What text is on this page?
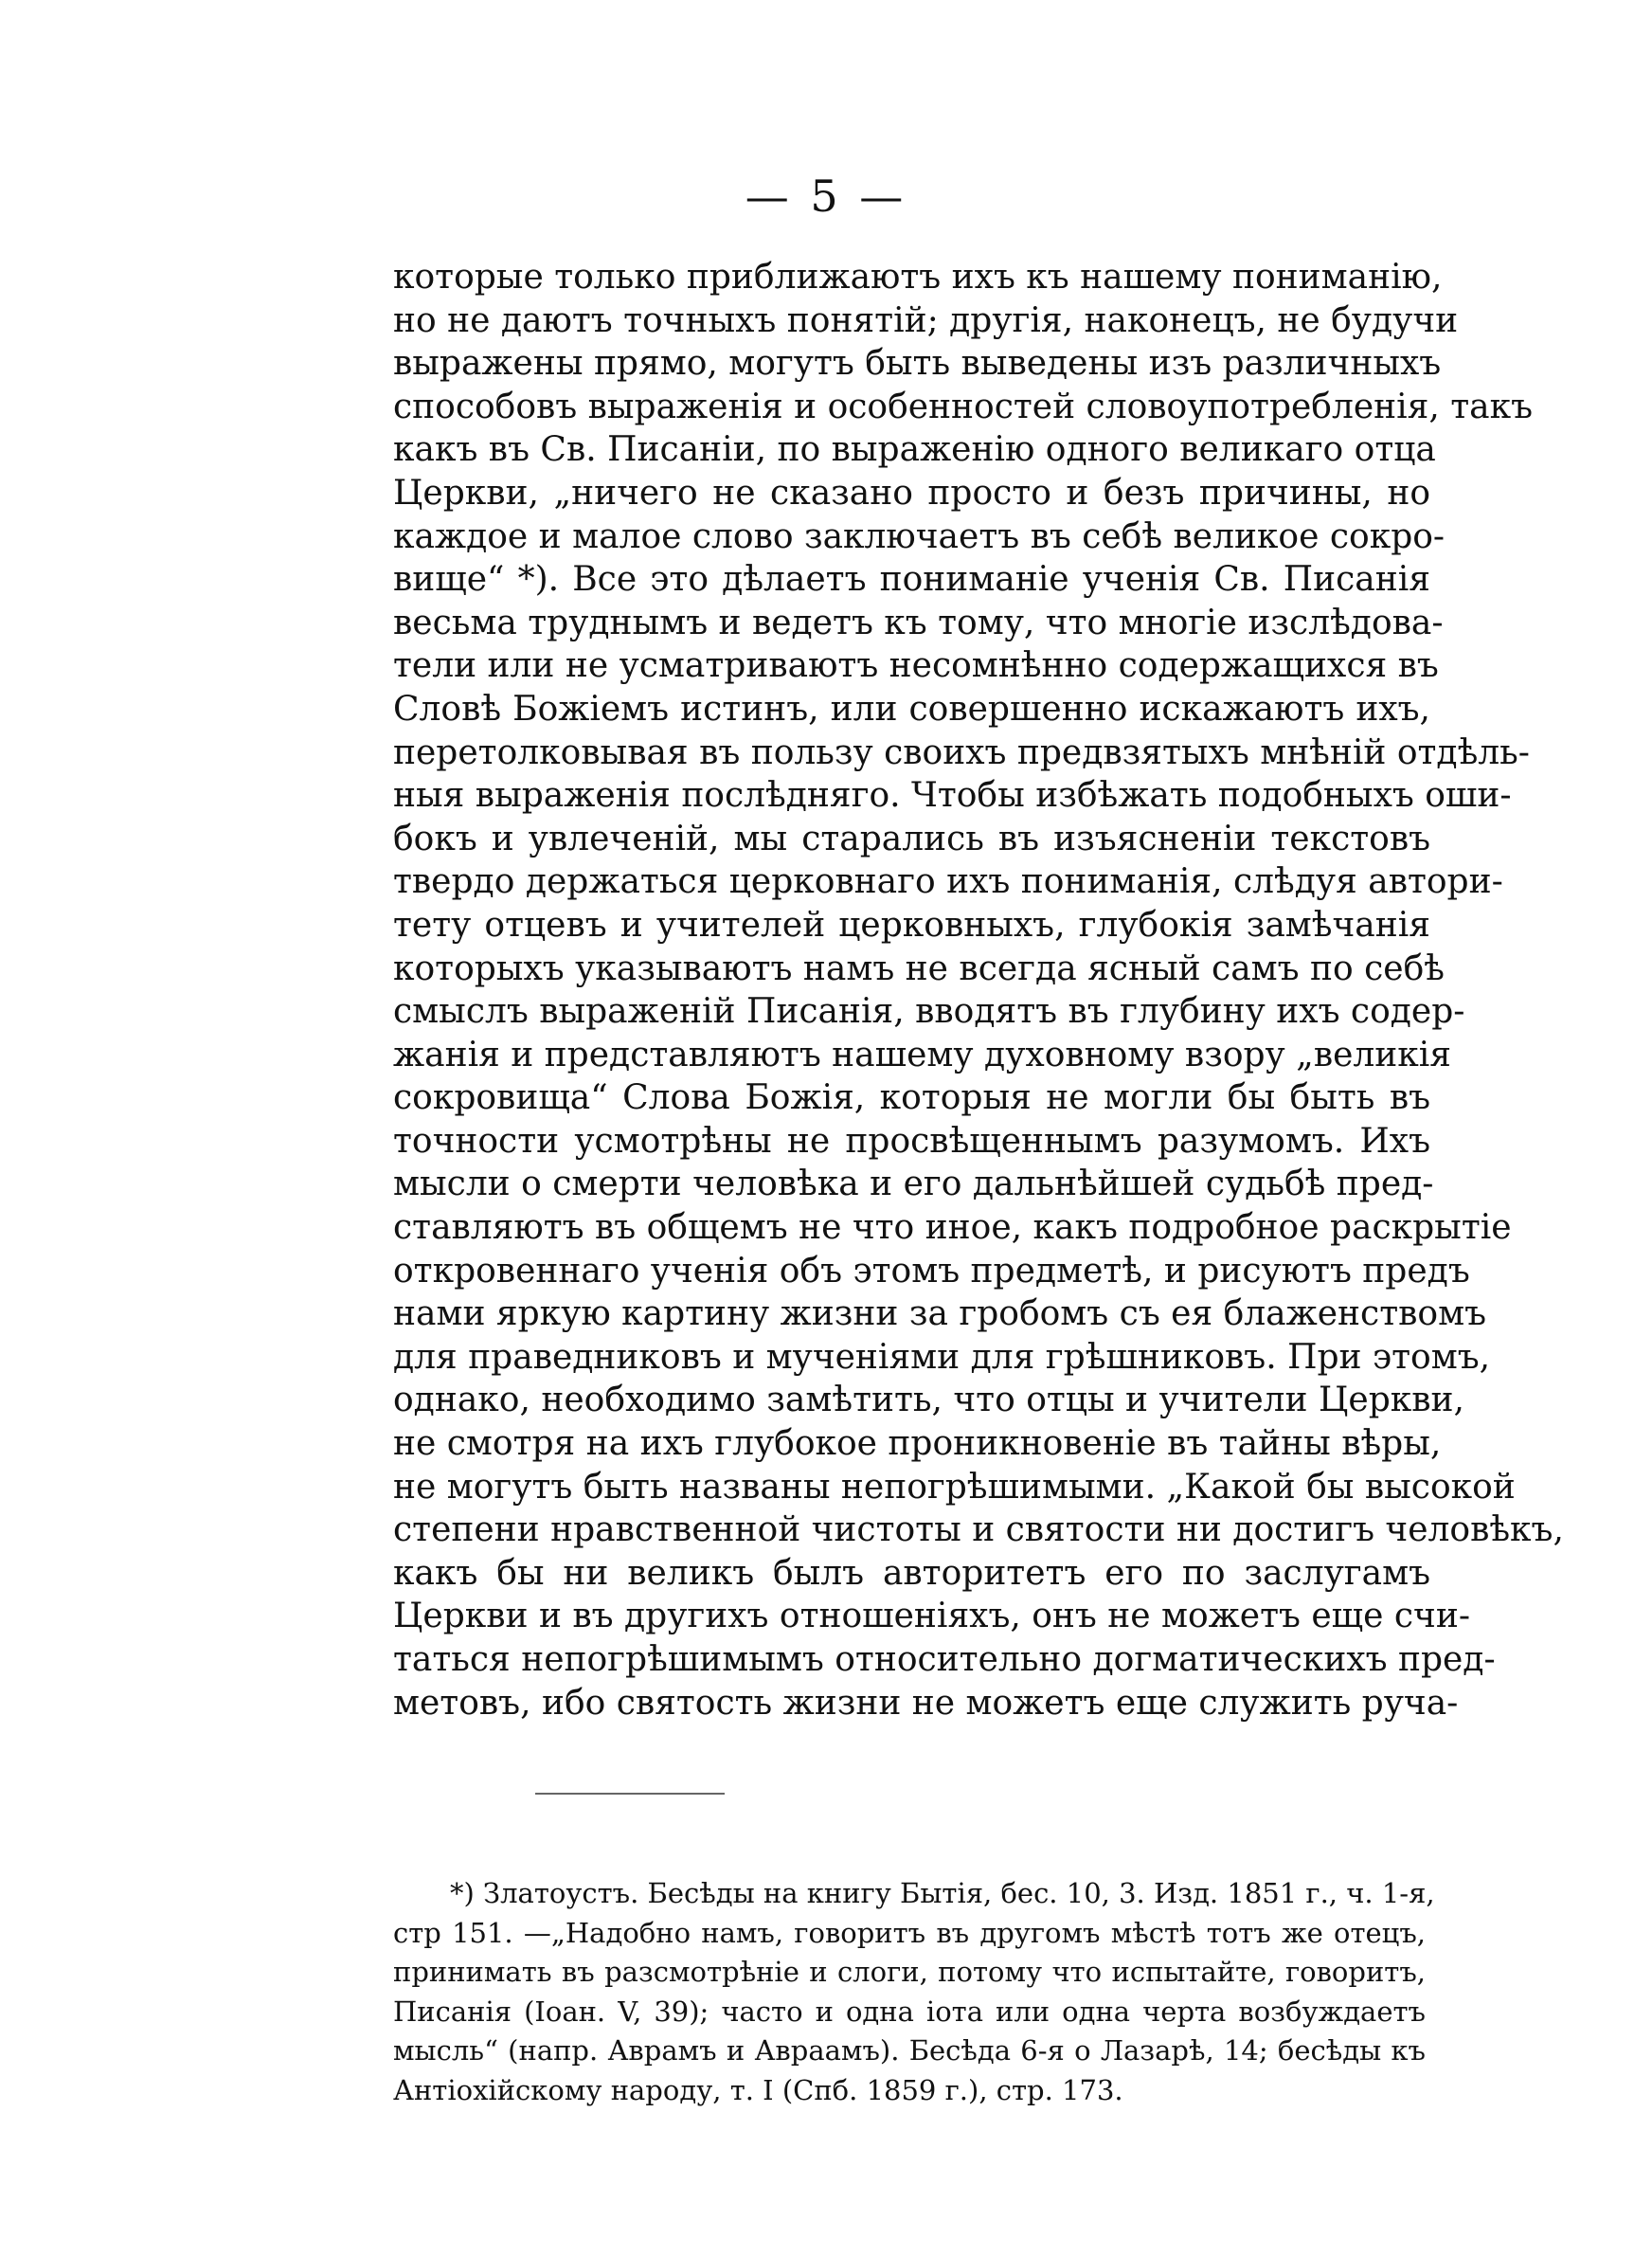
— 5 —
которые только приближаютъ ихъ къ нашему пониманію,
но не даютъ точныхъ понятій; другія, наконецъ, не будучи
выражены прямо, могутъ быть выведены изъ различныхъ
способовъ выраженія и особенностей словоупотребленія, такъ
какъ въ Св. Писаніи, по выраженію одного великаго отца
Церкви, „ничего не сказано просто и безъ причины, но
каждое и малое слово заключаетъ въ себѣ великое сокро-
вище“ *). Все это дѣлаетъ пониманіе ученія Св. Писанія
весьма труднымъ и ведетъ къ тому, что многіе изслѣдова-
тели или не усматриваютъ несомнѣнно содержащихся въ
Словѣ Божіемъ истинъ, или совершенно искажаютъ ихъ,
перетолковывая въ пользу своихъ предвзятыхъ мнѣній отдѣль-
ныя выраженія послѣдняго. Чтобы избѣжать подобныхъ оши-
бокъ и увлеченій, мы старались въ изъясненіи текстовъ
твердо держаться церковнаго ихъ пониманія, слѣдуя автори-
тету отцевъ и учителей церковныхъ, глубокія замѣчанія
которыхъ указываютъ намъ не всегда ясный самъ по себѣ
смыслъ выраженій Писанія, вводятъ въ глубину ихъ содер-
жанія и представляютъ нашему духовному взору „великія
сокровища“ Слова Божія, которыя не могли бы быть въ
точности усмотрѣны не просвѣщеннымъ разумомъ. Ихъ
мысли о смерти человѣка и его дальнѣйшей судьбѣ пред-
ставляютъ въ общемъ не что иное, какъ подробное раскрытіе
откровеннаго ученія объ этомъ предметѣ, и рисуютъ предъ
нами яркую картину жизни за гробомъ съ ея блаженствомъ
для праведниковъ и мученіями для грѣшниковъ. При этомъ,
однако, необходимо замѣтить, что отцы и учители Церкви,
не смотря на ихъ глубокое проникновеніе въ тайны вѣры,
не могутъ быть названы непогрѣшимыми. „Какой бы высокой
степени нравственной чистоты и святости ни достигъ человѣкъ,
какъ бы ни великъ былъ авторитетъ его по заслугамъ
Церкви и въ другихъ отношеніяхъ, онъ не можетъ еще счи-
таться непогрѣшимымъ относительно догматическихъ пред-
метовъ, ибо святость жизни не можетъ еще служить руча-
*) Златоустъ. Бесѣды на книгу Бытія, бес. 10, 3. Изд. 1851 г., ч. 1-я,
стр 151. —„Надобно намъ, говоритъ въ другомъ мѣстѣ тотъ же отецъ,
принимать въ разсмотрѣніе и слоги, потому что испытайте, говоритъ,
Писанія (Іоан. V, 39); часто и одна іота или одна черта возбуждаетъ
мысль“ (напр. Аврамъ и Авраамъ). Бесѣда 6-я о Лазарѣ, 14; бесѣды къ
Антіохійскому народу, т. I (Спб. 1859 г.), стр. 173.
